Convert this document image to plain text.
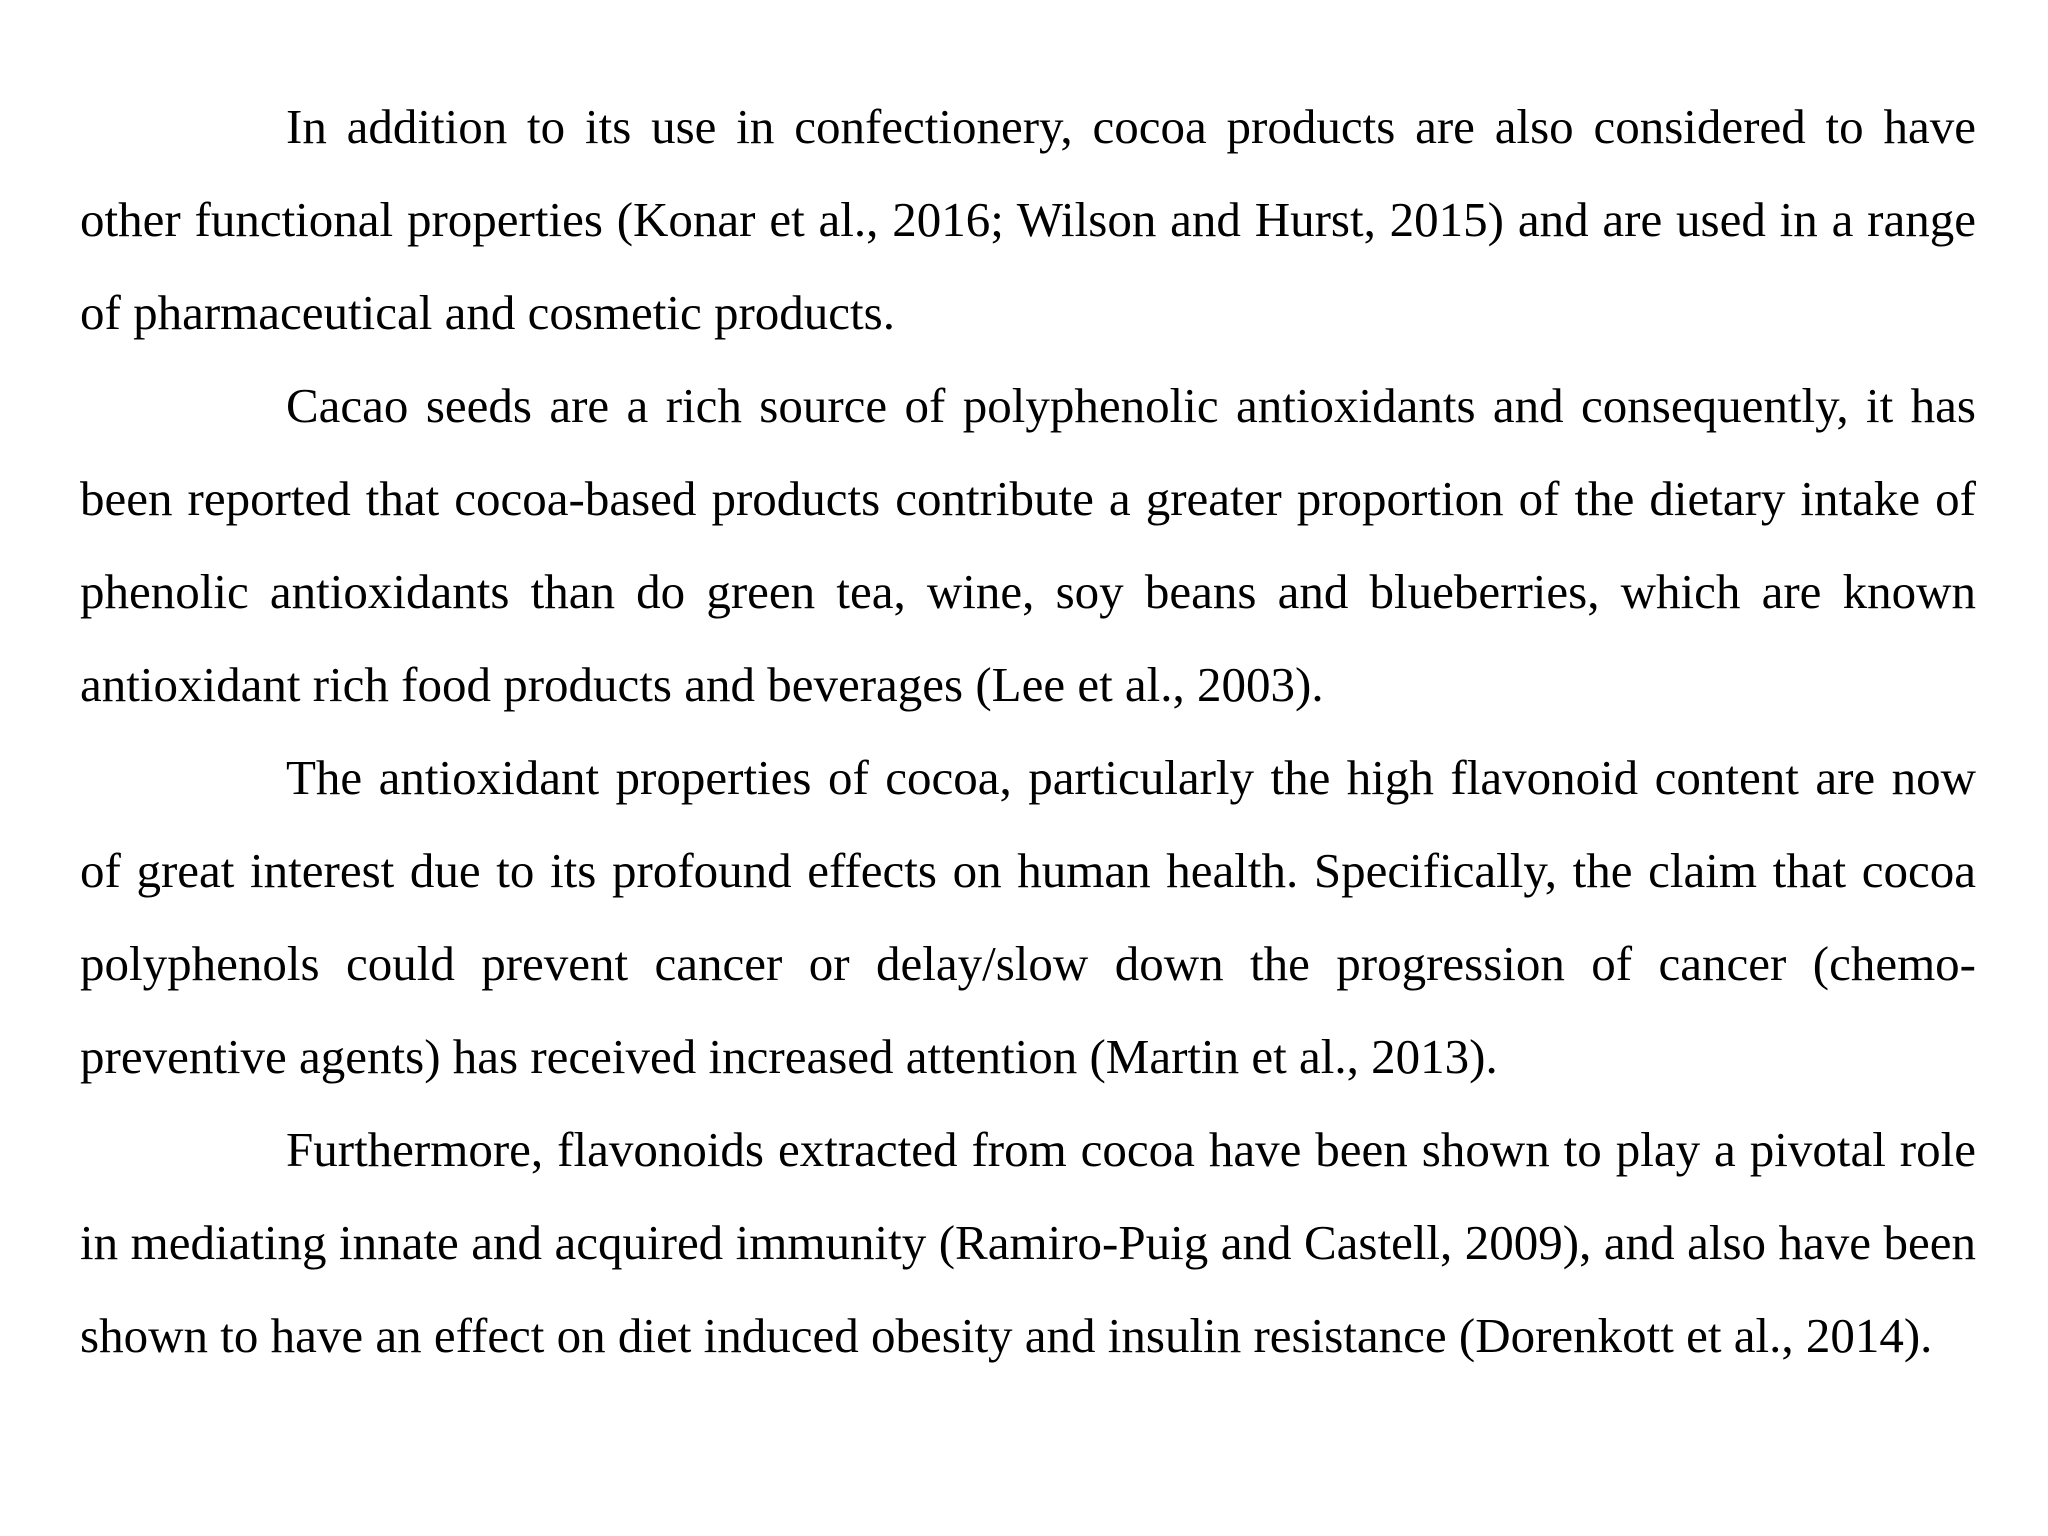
In addition to its use in confectionery, cocoa products are also considered to have other functional properties (Konar et al., 2016; Wilson and Hurst, 2015) and are used in a range of pharmaceutical and cosmetic products.

Cacao seeds are a rich source of polyphenolic antioxidants and consequently, it has been reported that cocoa-based products contribute a greater proportion of the dietary intake of phenolic antioxidants than do green tea, wine, soy beans and blueberries, which are known antioxidant rich food products and beverages (Lee et al., 2003).

The antioxidant properties of cocoa, particularly the high flavonoid content are now of great interest due to its profound effects on human health. Specifically, the claim that cocoa polyphenols could prevent cancer or delay/slow down the progression of cancer (chemo-preventive agents) has received increased attention (Martin et al., 2013).

Furthermore, flavonoids extracted from cocoa have been shown to play a pivotal role in mediating innate and acquired immunity (Ramiro-Puig and Castell, 2009), and also have been shown to have an effect on diet induced obesity and insulin resistance (Dorenkott et al., 2014).
